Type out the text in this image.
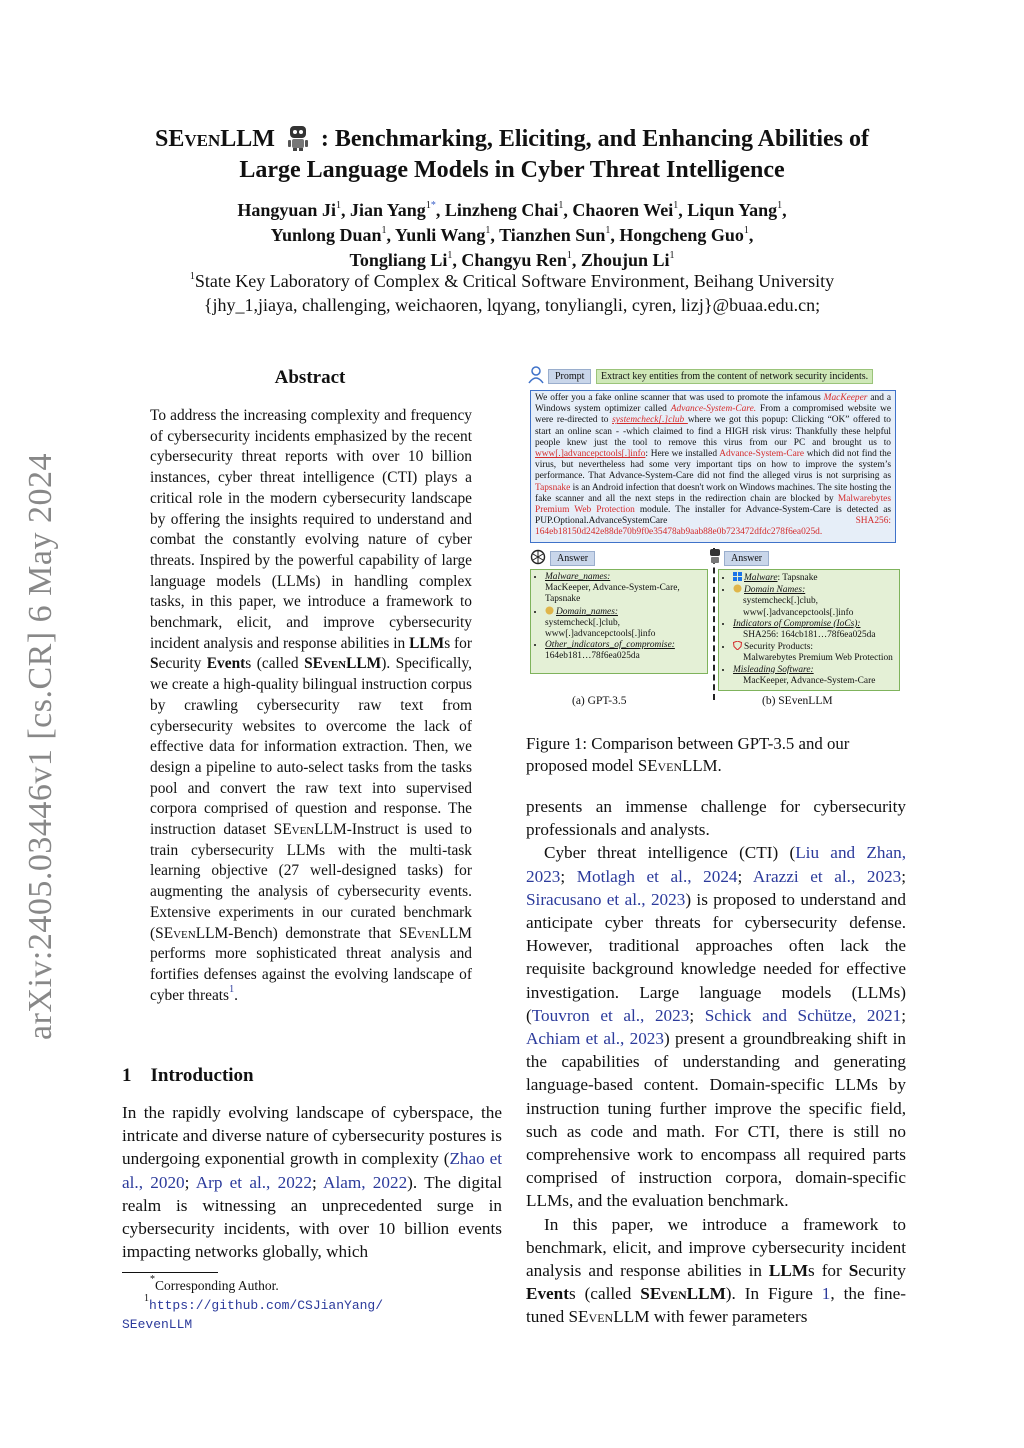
SEvenLLM : Benchmarking, Eliciting, and Enhancing Abilities of
Large Language Models in Cyber Threat Intelligence
Hangyuan Ji$^1$, Jian Yang$^{1*}$, Linzheng Chai$^1$, Chaoren Wei$^1$, Liqun Yang$^1$,
Yunlong Duan$^1$, Yunli Wang$^1$, Tianzhen Sun$^1$, Hongcheng Guo$^1$,
Tongliang Li$^1$, Changyu Ren$^1$, Zhoujun Li$^1$
$^1$State Key Laboratory of Complex & Critical Software Environment, Beihang University
{jhy_1,jiaya, challenging, weichaoren, lqyang, tonyliangli, cyren, lizj}@buaa.edu.cn;
arXiv:2405.03446v1 [cs.CR] 6 May 2024
Abstract
To address the increasing complexity and frequency of cybersecurity incidents emphasized by the recent cybersecurity threat reports with over 10 billion instances, cyber threat intelligence (CTI) plays a critical role in the modern cybersecurity landscape by offering the insights required to understand and combat the constantly evolving nature of cyber threats. Inspired by the powerful capability of large language models (LLMs) in handling complex tasks, in this paper, we introduce a framework to benchmark, elicit, and improve cybersecurity incident analysis and response abilities in LLMs for Security Events (called SEvenLLM). Specifically, we create a high-quality bilingual instruction corpus by crawling cybersecurity raw text from cybersecurity websites to overcome the lack of effective data for information extraction. Then, we design a pipeline to auto-select tasks from the tasks pool and convert the raw text into supervised corpora comprised of question and response. The instruction dataset SEvenLLM-Instruct is used to train cybersecurity LLMs with the multi-task learning objective (27 well-designed tasks) for augmenting the analysis of cybersecurity events. Extensive experiments in our curated benchmark (SEvenLLM-Bench) demonstrate that SEvenLLM performs more sophisticated threat analysis and fortifies defenses against the evolving landscape of cyber threats$^1$.
1 Introduction
In the rapidly evolving landscape of cyberspace, the intricate and diverse nature of cybersecurity postures is undergoing exponential growth in complexity (Zhao et al., 2020; Arp et al., 2022; Alam, 2022). The digital realm is witnessing an unprecedented surge in cybersecurity incidents, with over 10 billion events impacting networks globally, which
*Corresponding Author.
$^1$https://github.com/CSJianYang/
SEevenLLM
Prompt	Extract key entities from the content of network security incidents.
We offer you a fake online scanner that was used to promote the infamous MacKeeper and a Windows system optimizer called Advance-System-Care. From a compromised website we were re-directed to systemcheck[.]club where we got this popup: Clicking “OK” offered to start an online scan - -which claimed to find a HIGH risk virus: Thankfully these helpful people knew just the tool to remove this virus from our PC and brought us to www[.]advancepctools[.]info: Here we installed Advance-System-Care which did not find the virus, but nevertheless had some very important tips on how to improve the system’s performance. That Advance-System-Care did not find the alleged virus is not surprising as Tapsnake is an Android infection that doesn't work on Windows machines. The site hosting the fake scanner and all the next steps in the redirection chain are blocked by Malwarebytes Premium Web Protection module. The installer for Advance-System-Care is detected as PUP.Optional.AdvanceSystemCare SHA256: 164eb18150d242e88de70b9f0e35478ab9aab88e0b723472dfdc278f6ea025d.
Answer
• Malware_names:
MacKeeper, Advance-System-Care, Tapsnake
• Domain_names:
systemcheck[.]club,
www[.]advancepctools[.]info
• Other_indicators_of_compromise:
164eb181…78f6ea025da
Answer
• Malware: Tapsnake
• Domain Names:
systemcheck[.]club,
www[.]advancepctools[.]info
• Indicators of Compromise (IoCs):
SHA256: 164cb181…78f6ea025da
• Security Products:
Malwarebytes Premium Web Protection
• Misleading Software:
MacKeeper, Advance-System-Care
(a) GPT-3.5	(b) SEvenLLM
Figure 1: Comparison between GPT-3.5 and our proposed model SEvenLLM.

presents an immense challenge for cybersecurity professionals and analysts.

Cyber threat intelligence (CTI) (Liu and Zhan, 2023; Motlagh et al., 2024; Arazzi et al., 2023; Siracusano et al., 2023) is proposed to understand and anticipate cyber threats for cybersecurity defense. However, traditional approaches often lack the requisite background knowledge needed for effective investigation. Large language models (LLMs) (Touvron et al., 2023; Schick and Schütze, 2021; Achiam et al., 2023) present a groundbreaking shift in the capabilities of understanding and generating language-based content. Domain-specific LLMs by instruction tuning further improve the specific field, such as code and math. For CTI, there is still no comprehensive work to encompass all required parts comprised of instruction corpora, domain-specific LLMs, and the evaluation benchmark.

In this paper, we introduce a framework to benchmark, elicit, and improve cybersecurity incident analysis and response abilities in LLMs for Security Events (called SEvenLLM). In Figure 1, the fine-tuned SEvenLLM with fewer parameters
